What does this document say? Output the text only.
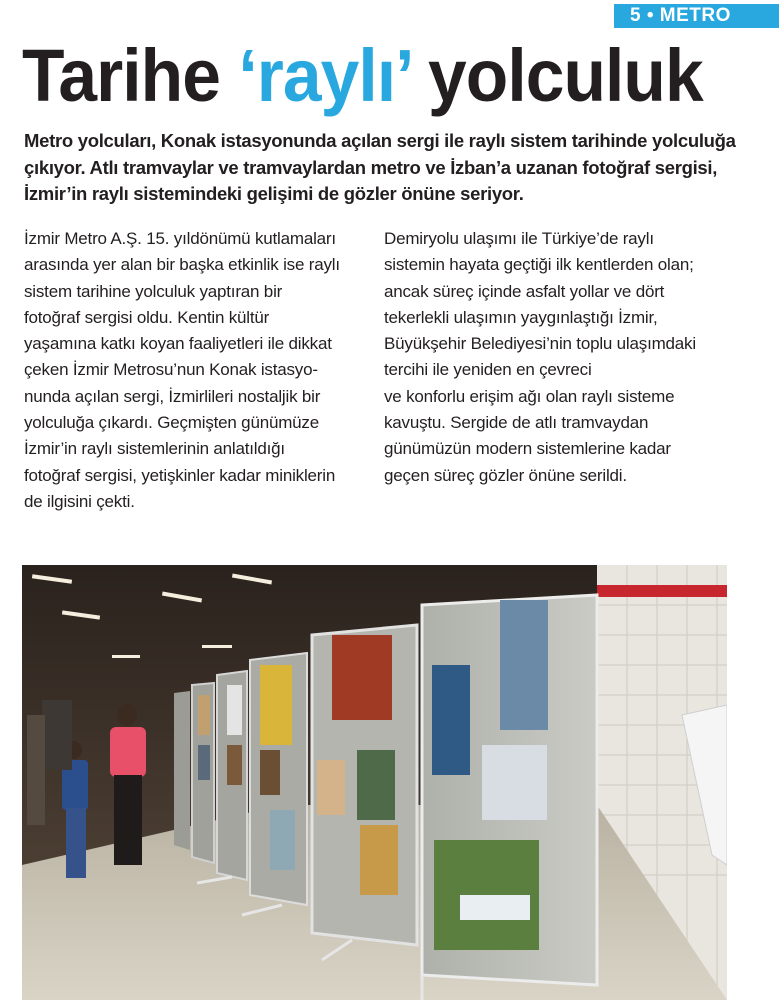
5 • METRO
Tarihe ‘raylı’ yolculuk
Metro yolcuları, Konak istasyonunda açılan sergi ile raylı sistem tarihinde yolculuğa
çıkıyor. Atlı tramvaylar ve tramvaylardan metro ve İzban’a uzanan fotoğraf sergisi,
İzmir’in raylı sistemindeki gelişimi de gözler önüne seriyor.
İzmir Metro A.Ş. 15. yıldönümü kutlamaları
arasında yer alan bir başka etkinlik ise raylı
sistem tarihine yolculuk yaptıran bir
fotoğraf sergisi oldu. Kentin kültür
yaşamına katkı koyan faaliyetleri ile dikkat
çeken İzmir Metrosu’nun Konak istasyo-
nunda açılan sergi, İzmirlileri nostaljik bir
yolculuğa çıkardı. Geçmişten günümüze
İzmir’in raylı sistemlerinin anlatıldığı
fotoğraf sergisi, yetişkinler kadar miniklerin
de ilgisini çekti.
Demiryolu ulaşımı ile Türkiye’de raylı
sistemin hayata geçtiği ilk kentlerden olan;
ancak süreç içinde asfalt yollar ve dört
tekerlekli ulaşımın yaygınlaştığı İzmir,
Büyükşehir Belediyesi’nin toplu ulaşımdaki
tercihi ile yeniden en çevreci
ve konforlu erişim ağı olan raylı sisteme
kavuştu. Sergide de atlı tramvaydan
günümüzün modern sistemlerine kadar
geçen süreç gözler önüne serildi.
